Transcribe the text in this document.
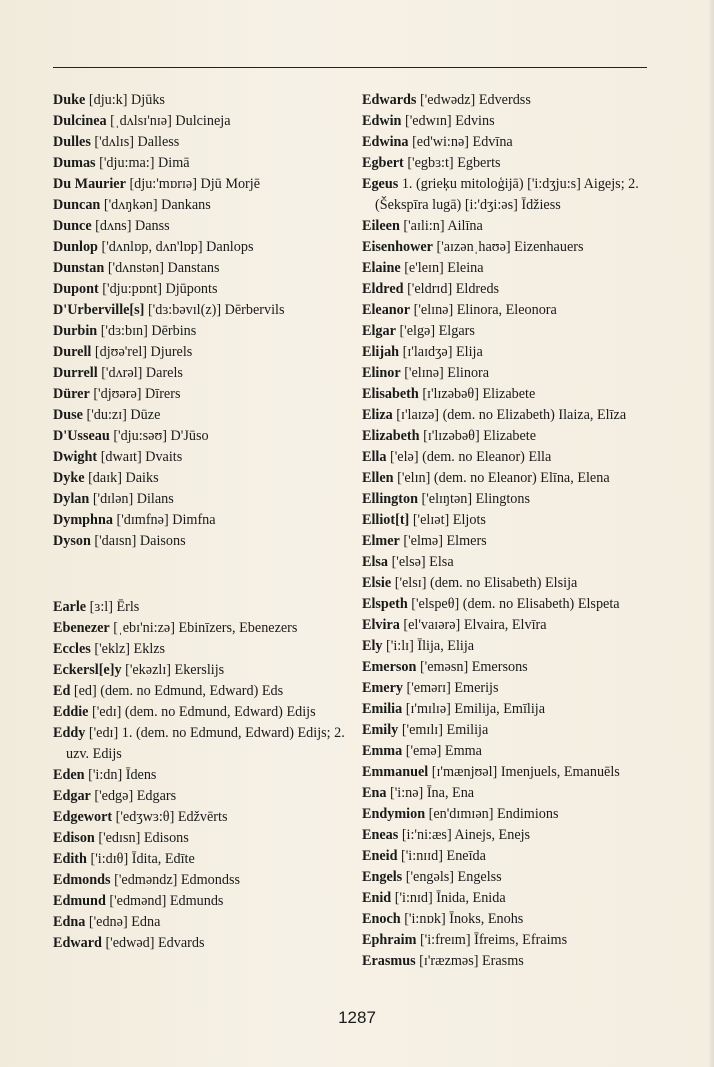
Duke [dju:k] Djūks
Dulcinea [ˌdʌlsɪ'nɪə] Dulcineja
Dulles ['dʌlɪs] Dalless
Dumas ['dju:ma:] Dimā
Du Maurier [dju:'mɒrɪə] Djū Morjē
Duncan ['dʌŋkən] Dankans
Dunce [dʌns] Danss
Dunlop ['dʌnlɒp, dʌn'lɒp] Danlops
Dunstan ['dʌnstən] Danstans
Dupont ['dju:pɒnt] Djūponts
D'Urberville[s] ['dɜ:bəvɪl(z)] Dērbervils
Durbin ['dɜ:bɪn] Dērbins
Durell [djʊə'rel] Djurels
Durrell ['dʌrəl] Darels
Dürer ['djʊərə] Dīrers
Duse ['du:zɪ] Dūze
D'Usseau ['dju:səʊ] D'Jūso
Dwight [dwaɪt] Dvaits
Dyke [daɪk] Daiks
Dylan ['dɪlən] Dilans
Dymphna ['dɪmfnə] Dimfna
Dyson ['daɪsn] Daisons
Earle [ɜ:l] Ērls
Ebenezer [ˌebɪ'ni:zə] Ebinīzers, Ebenezers
Eccles ['eklz] Eklzs
Eckersl[e]y ['ekəzlɪ] Ekerslijs
Ed [ed] (dem. no Edmund, Edward) Eds
Eddie ['edɪ] (dem. no Edmund, Edward) Edijs
Eddy ['edɪ] 1. (dem. no Edmund, Edward) Edijs; 2. uzv. Edijs
Eden ['i:dn] Īdens
Edgar ['edgə] Edgars
Edgewort ['edʒwɜ:θ] Edžvērts
Edison ['edɪsn] Edisons
Edith ['i:dɪθ] Īdita, Edīte
Edmonds ['edməndz] Edmondss
Edmund ['edmənd] Edmunds
Edna ['ednə] Edna
Edward ['edwəd] Edvards
Edwards ['edwədz] Edverdss
Edwin ['edwɪn] Edvins
Edwina [ed'wi:nə] Edvīna
Egbert ['egbɜ:t] Egberts
Egeus 1. (grieķu mitoloģijā) ['i:dʒju:s] Aigejs; 2. (Šekspīra lugā) [i:'dʒi:əs] Īdžiess
Eileen ['aɪli:n] Ailīna
Eisenhower ['aɪzənˌhaʊə] Eizenhauers
Elaine [e'leɪn] Eleina
Eldred ['eldrɪd] Eldreds
Eleanor ['elɪnə] Elinora, Eleonora
Elgar ['elgə] Elgars
Elijah [ɪ'laɪdʒə] Elija
Elinor ['elɪnə] Elinora
Elisabeth [ɪ'lɪzəbəθ] Elizabete
Eliza [ɪ'laɪzə] (dem. no Elizabeth) Ilaiza, Elīza
Elizabeth [ɪ'lɪzəbəθ] Elizabete
Ella ['elə] (dem. no Eleanor) Ella
Ellen ['elɪn] (dem. no Eleanor) Elīna, Elena
Ellington ['elɪŋtən] Elingtons
Elliot[t] ['elɪət] Eljots
Elmer ['elmə] Elmers
Elsa ['elsə] Elsa
Elsie ['elsɪ] (dem. no Elisabeth) Elsija
Elspeth ['elspeθ] (dem. no Elisabeth) Elspeta
Elvira [el'vaɪərə] Elvaira, Elvīra
Ely ['i:lɪ] Īlija, Elija
Emerson ['eməsn] Emersons
Emery ['emərɪ] Emerijs
Emilia [ɪ'mɪlɪə] Emilija, Emīlija
Emily ['emɪlɪ] Emilija
Emma ['emə] Emma
Emmanuel [ɪ'mænjʊəl] Imenjuels, Emanuēls
Ena ['i:nə] Īna, Ena
Endymion [en'dɪmɪən] Endimions
Eneas [i:'ni:æs] Ainejs, Enejs
Eneid ['i:nɪɪd] Eneīda
Engels ['engəls] Engelss
Enid ['i:nɪd] Īnida, Enida
Enoch ['i:nɒk] Īnoks, Enohs
Ephraim ['i:freɪm] Īfreims, Efraims
Erasmus [ɪ'ræzməs] Erasms
1287
